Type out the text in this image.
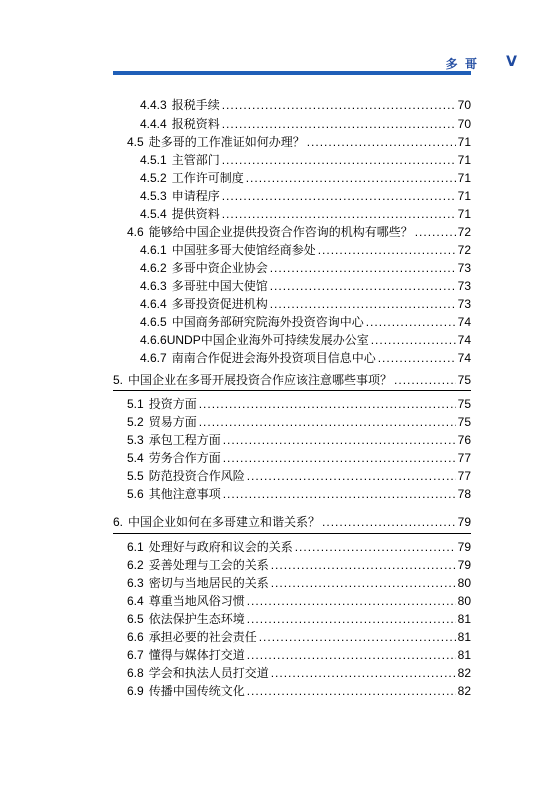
多 哥 V
4.4.3 报税手续 .....	70
4.4.4 报税资料 .....	70
4.5 赴多哥的工作准证如何办理？ .....	71
4.5.1 主管部门 .....	71
4.5.2 工作许可制度 .....	71
4.5.3 申请程序 .....	71
4.5.4 提供资料 .....	71
4.6 能够给中国企业提供投资合作咨询的机构有哪些？ .....	72
4.6.1 中国驻多哥大使馆经商参处 .....	72
4.6.2 多哥中资企业协会 .....	73
4.6.3 多哥驻中国大使馆 .....	73
4.6.4 多哥投资促进机构 .....	73
4.6.5 中国商务部研究院海外投资咨询中心 .....	74
4.6.6 UNDP中国企业海外可持续发展办公室 .....	74
4.6.7 南南合作促进会海外投资项目信息中心 .....	74
5. 中国企业在多哥开展投资合作应该注意哪些事项？ .....	75
5.1 投资方面 .....	75
5.2 贸易方面 .....	75
5.3 承包工程方面 .....	76
5.4 劳务合作方面 .....	77
5.5 防范投资合作风险 .....	77
5.6 其他注意事项 .....	78
6. 中国企业如何在多哥建立和谐关系？ .....	79
6.1 处理好与政府和议会的关系 .....	79
6.2 妥善处理与工会的关系 .....	79
6.3 密切与当地居民的关系 .....	80
6.4 尊重当地风俗习惯 .....	80
6.5 依法保护生态环境 .....	81
6.6 承担必要的社会责任 .....	81
6.7 懂得与媒体打交道 .....	81
6.8 学会和执法人员打交道 .....	82
6.9 传播中国传统文化 .....	82
